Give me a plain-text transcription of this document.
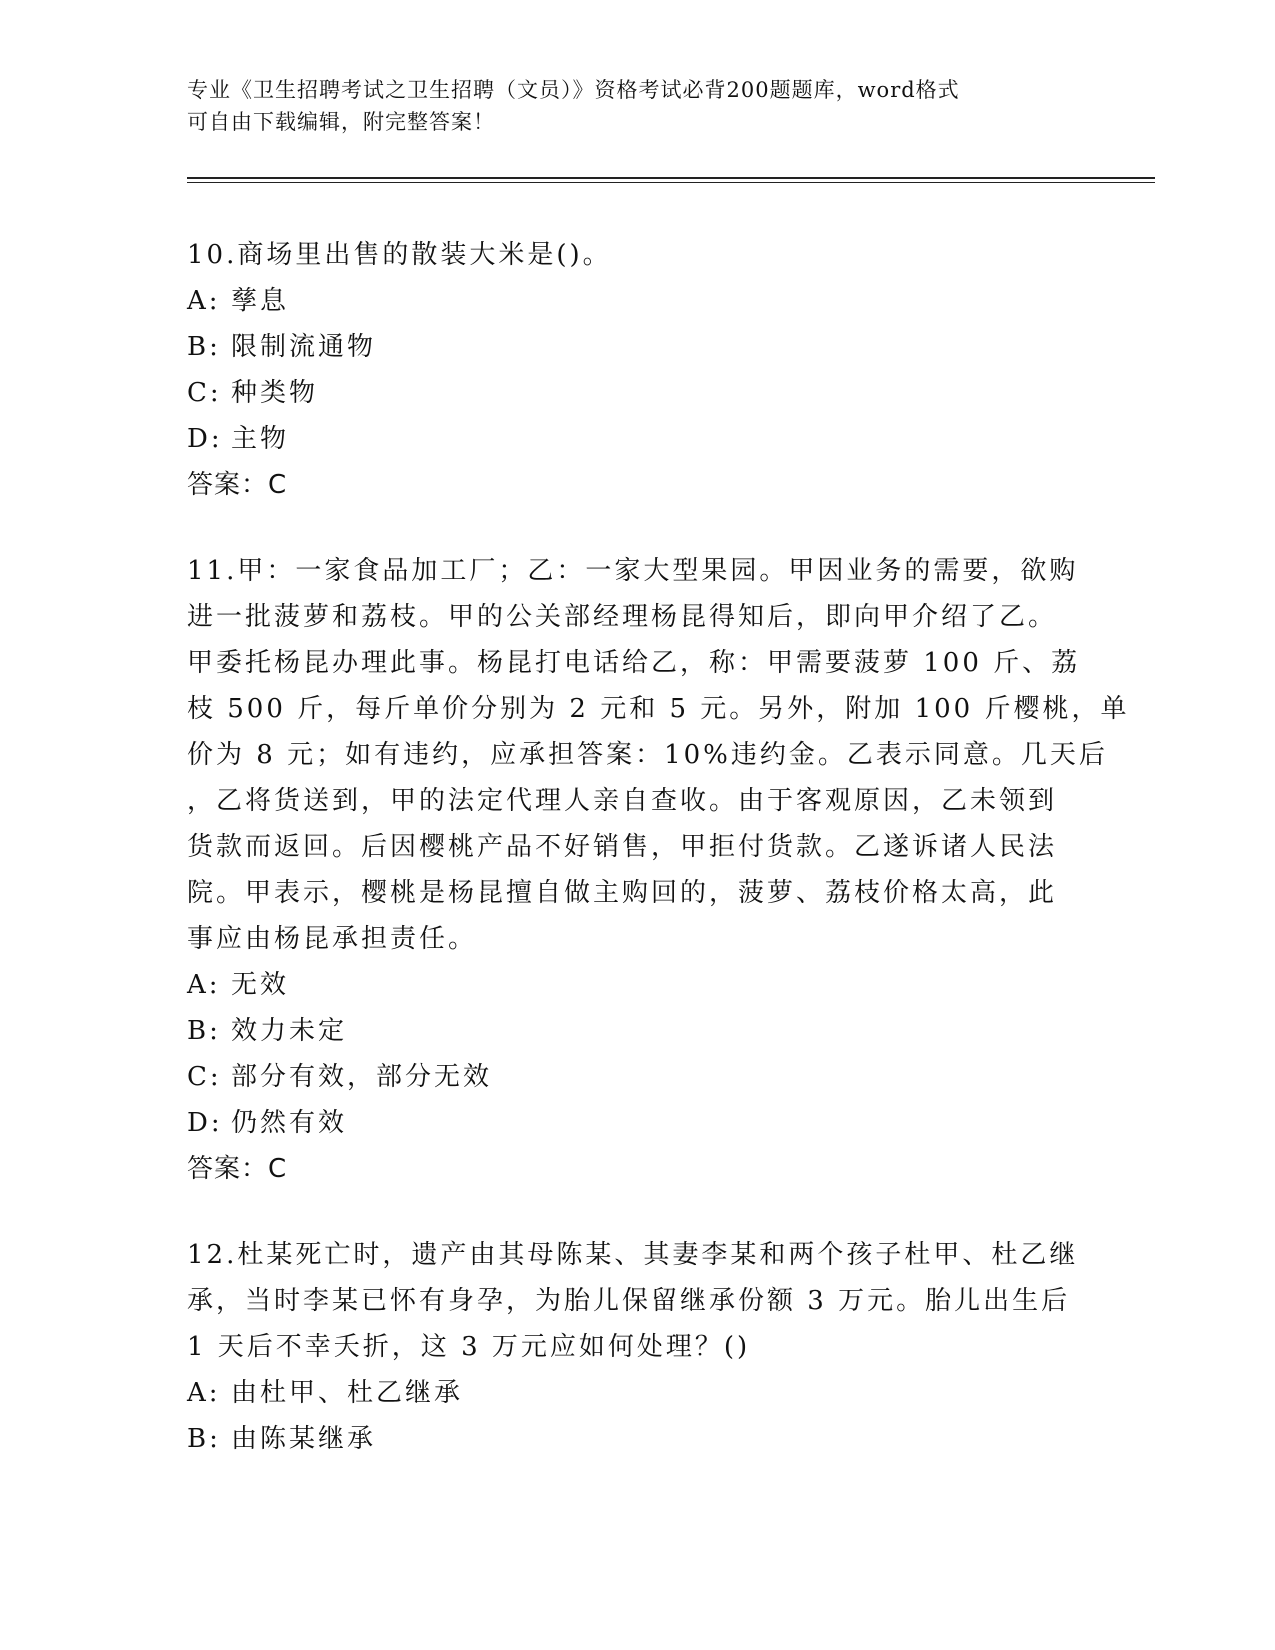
专业《卫生招聘考试之卫生招聘（文员）》资格考试必背200题题库，word格式
可自由下载编辑，附完整答案！
10.商场里出售的散装大米是()。
A: 孳息
B: 限制流通物
C: 种类物
D: 主物
答案：C
11.甲：一家食品加工厂；乙：一家大型果园。甲因业务的需要，欲购
进一批菠萝和荔枝。甲的公关部经理杨昆得知后，即向甲介绍了乙。
甲委托杨昆办理此事。杨昆打电话给乙，称：甲需要菠萝 100 斤、荔
枝 500 斤，每斤单价分别为 2 元和 5 元。另外，附加 100 斤樱桃，单
价为 8 元；如有违约，应承担答案：10%违约金。乙表示同意。几天后
，乙将货送到，甲的法定代理人亲自查收。由于客观原因，乙未领到
货款而返回。后因樱桃产品不好销售，甲拒付货款。乙遂诉诸人民法
院。甲表示，樱桃是杨昆擅自做主购回的，菠萝、荔枝价格太高，此
事应由杨昆承担责任。
A: 无效
B: 效力未定
C: 部分有效，部分无效
D: 仍然有效
答案：C
12.杜某死亡时，遗产由其母陈某、其妻李某和两个孩子杜甲、杜乙继
承，当时李某已怀有身孕，为胎儿保留继承份额 3 万元。胎儿出生后
1 天后不幸夭折，这 3 万元应如何处理？()
A: 由杜甲、杜乙继承
B: 由陈某继承
